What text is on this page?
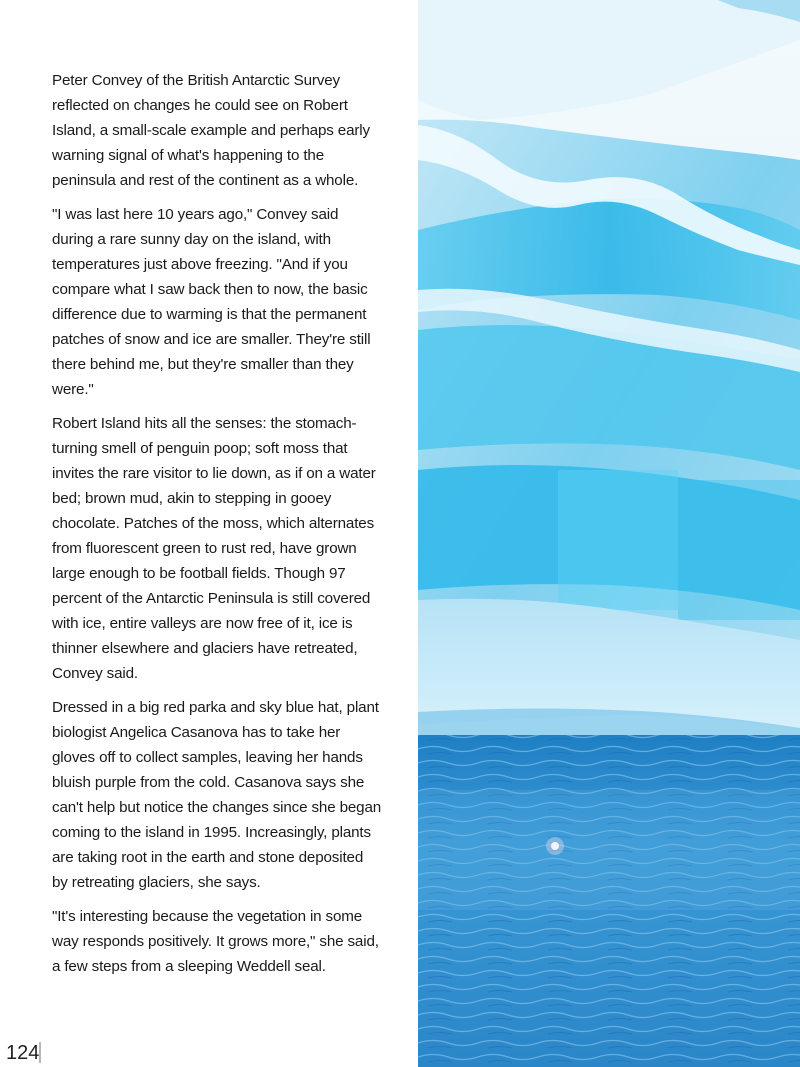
Peter Convey of the British Antarctic Survey reflected on changes he could see on Robert Island, a small-scale example and perhaps early warning signal of what's happening to the peninsula and rest of the continent as a whole.

"I was last here 10 years ago," Convey said during a rare sunny day on the island, with temperatures just above freezing. "And if you compare what I saw back then to now, the basic difference due to warming is that the permanent patches of snow and ice are smaller. They're still there behind me, but they're smaller than they were."

Robert Island hits all the senses: the stomach-turning smell of penguin poop; soft moss that invites the rare visitor to lie down, as if on a water bed; brown mud, akin to stepping in gooey chocolate. Patches of the moss, which alternates from fluorescent green to rust red, have grown large enough to be football fields. Though 97 percent of the Antarctic Peninsula is still covered with ice, entire valleys are now free of it, ice is thinner elsewhere and glaciers have retreated, Convey said.

Dressed in a big red parka and sky blue hat, plant biologist Angelica Casanova has to take her gloves off to collect samples, leaving her hands bluish purple from the cold. Casanova says she can't help but notice the changes since she began coming to the island in 1995. Increasingly, plants are taking root in the earth and stone deposited by retreating glaciers, she says.

"It's interesting because the vegetation in some way responds positively. It grows more," she said, a few steps from a sleeping Weddell seal.

124
